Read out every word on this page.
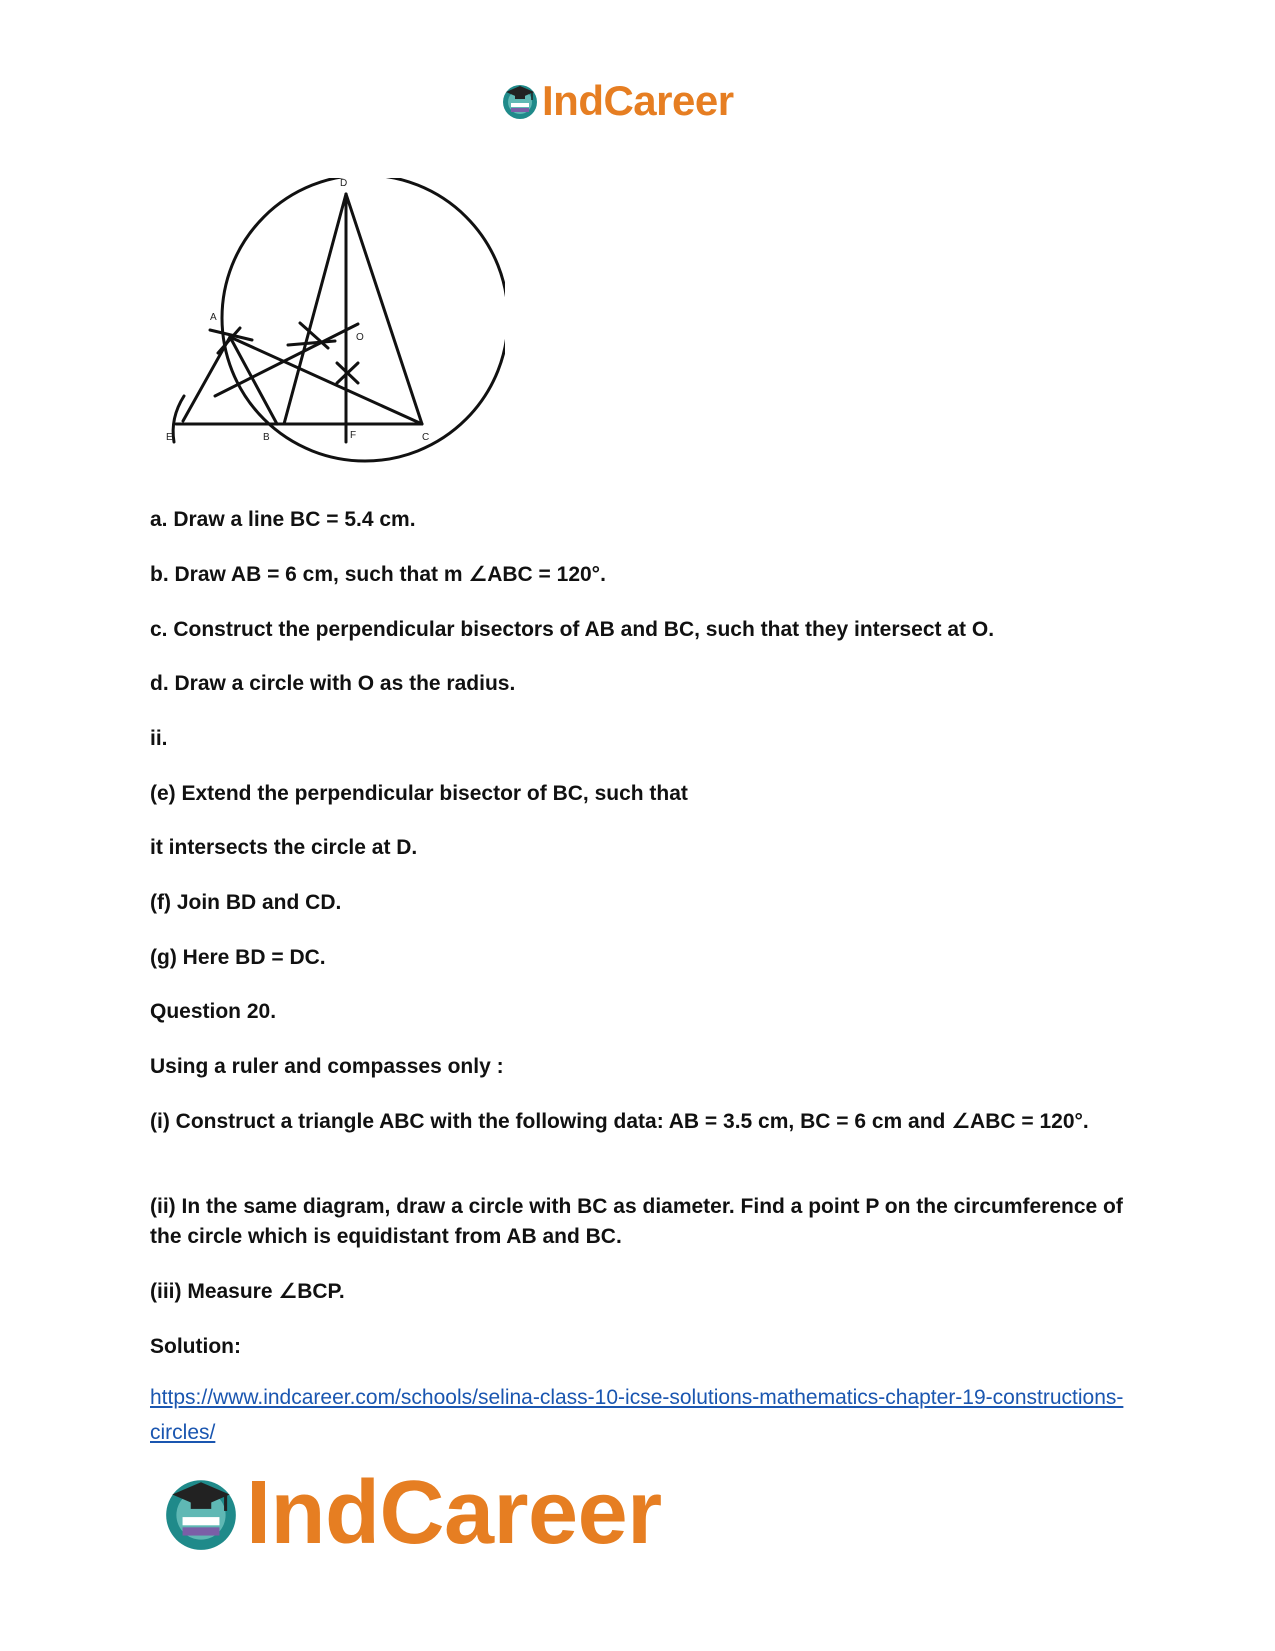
IndCareer
D
A
O
E	B	F	C

a. Draw a line BC = 5.4 cm.

b. Draw AB = 6 cm, such that m ∠ABC = 120°.

c. Construct the perpendicular bisectors of AB and BC, such that they intersect at O.

d. Draw a circle with O as the radius.

ii.

(e) Extend the perpendicular bisector of BC, such that

it intersects the circle at D.

(f) Join BD and CD.

(g) Here BD = DC.

Question 20.

Using a ruler and compasses only :

(i) Construct a triangle ABC with the following data: AB = 3.5 cm, BC = 6 cm and ∠ABC = 120°.

(ii) In the same diagram, draw a circle with BC as diameter. Find a point P on the circumference of the circle which is equidistant from AB and BC.

(iii) Measure ∠BCP.

Solution:

https://www.indcareer.com/schools/selina-class-10-icse-solutions-mathematics-chapter-19-constructions-circles/
IndCareer
